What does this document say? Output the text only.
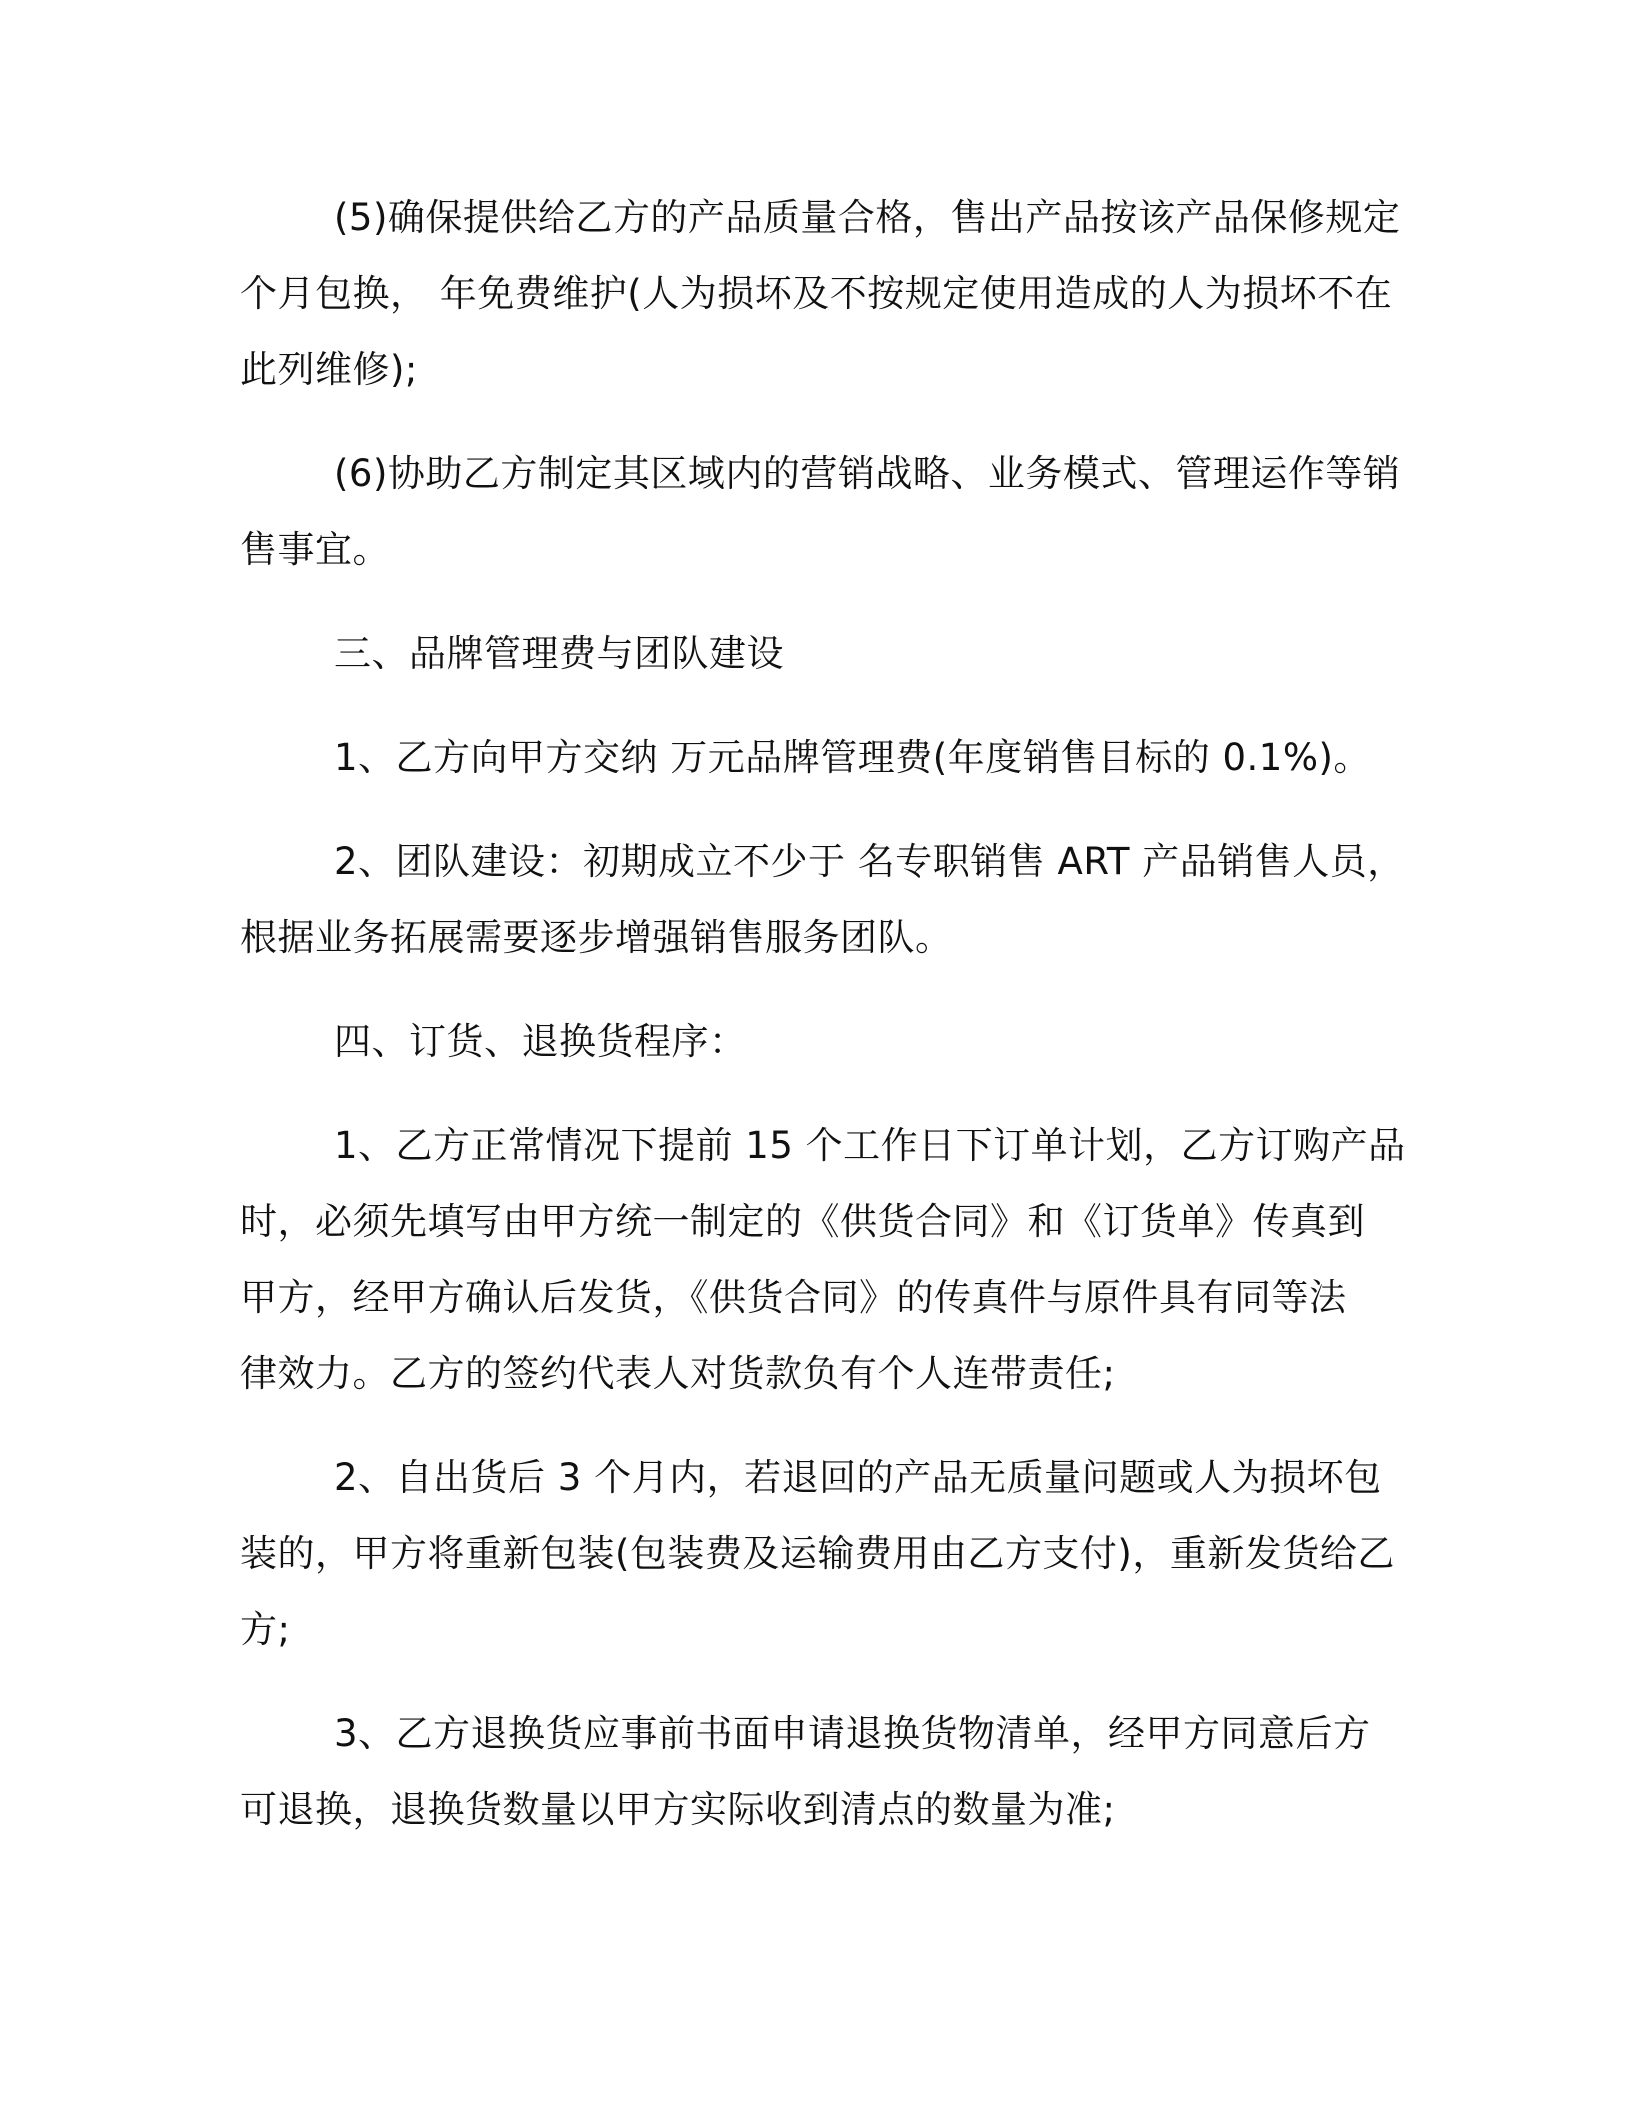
(5)确保提供给乙方的产品质量合格，售出产品按该产品保修规定
个月包换， 年免费维护(人为损坏及不按规定使用造成的人为损坏不在
此列维修);

(6)协助乙方制定其区域内的营销战略、业务模式、管理运作等销
售事宜。

三、品牌管理费与团队建设

1、乙方向甲方交纳 万元品牌管理费(年度销售目标的 0.1%)。

2、团队建设：初期成立不少于 名专职销售 ART 产品销售人员，
根据业务拓展需要逐步增强销售服务团队。

四、订货、退换货程序：

1、乙方正常情况下提前 15 个工作日下订单计划，乙方订购产品
时，必须先填写由甲方统一制定的《供货合同》和《订货单》传真到
甲方，经甲方确认后发货，《供货合同》的传真件与原件具有同等法
律效力。乙方的签约代表人对货款负有个人连带责任;

2、自出货后 3 个月内，若退回的产品无质量问题或人为损坏包
装的，甲方将重新包装(包装费及运输费用由乙方支付)，重新发货给乙
方;

3、乙方退换货应事前书面申请退换货物清单，经甲方同意后方
可退换，退换货数量以甲方实际收到清点的数量为准;
